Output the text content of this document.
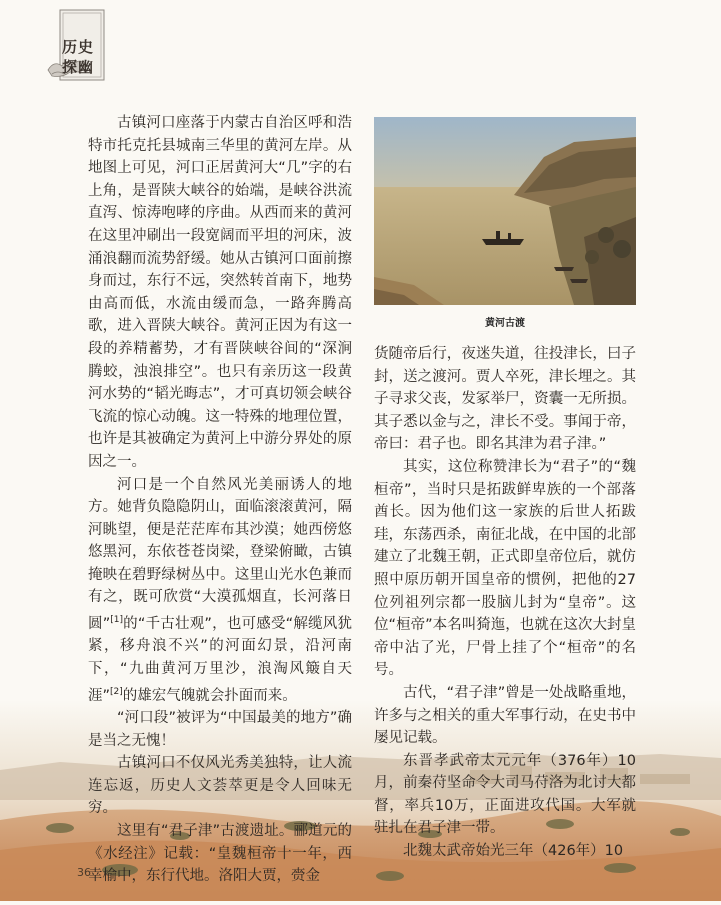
历史
探幽

古镇河口座落于内蒙古自治区呼和浩特市托克托县城南三华里的黄河左岸。从地图上可见，河口正居黄河大“几”字的右上角，是晋陕大峡谷的始端，是峡谷洪流直泻、惊涛咆哮的序曲。从西而来的黄河在这里冲刷出一段宽阔而平坦的河床，波涌浪翻而流势舒缓。她从古镇河口面前擦身而过，东行不远，突然转首南下，地势由高而低，水流由缓而急，一路奔腾高歌，进入晋陕大峡谷。黄河正因为有这一段的养精蓄势，才有晋陕峡谷间的“深涧腾蛟，浊浪排空”。也只有亲历这一段黄河水势的“韬光晦志”，才可真切领会峡谷飞流的惊心动魄。这一特殊的地理位置，也许是其被确定为黄河上中游分界处的原因之一。

河口是一个自然风光美丽诱人的地方。她背负隐隐阴山，面临滚滚黄河，隔河眺望，便是茫茫库布其沙漠；她西傍悠悠黑河，东依苍苍岗梁，登梁俯瞰，古镇掩映在碧野绿树丛中。这里山光水色兼而有之，既可欣赏“大漠孤烟直，长河落日圆”[1]的“千古壮观”，也可感受“解缆风犹紧，移舟浪不兴”的河面幻景，沿河南下，“九曲黄河万里沙，浪淘风簸自天涯”[2]的雄宏气魄就会扑面而来。

“河口段”被评为“中国最美的地方”确是当之无愧！

古镇河口不仅风光秀美独特，让人流连忘返，历史人文荟萃更是令人回味无穷。

这里有“君子津”古渡遗址。郦道元的《水经注》记载：“皇魏桓帝十一年，西幸榆中，东行代地。洛阳大贾，赍金

黄河古渡

货随帝后行，夜迷失道，往投津长，曰子封，送之渡河。贾人卒死，津长埋之。其子寻求父丧，发冢举尸，资囊一无所损。其子悉以金与之，津长不受。事闻于帝，帝曰：君子也。即名其津为君子津。”

其实，这位称赞津长为“君子”的“魏桓帝”，当时只是拓跋鲜卑族的一个部落酋长。因为他们这一家族的后世人拓跋珪，东荡西杀，南征北战，在中国的北部建立了北魏王朝，正式即皇帝位后，就仿照中原历朝开国皇帝的惯例，把他的27位列祖列宗都一股脑儿封为“皇帝”。这位“桓帝”本名叫猗迤，也就在这次大封皇帝中沾了光，尸骨上挂了个“桓帝”的名号。

古代，“君子津”曾是一处战略重地，许多与之相关的重大军事行动，在史书中屡见记载。

东晋孝武帝太元元年（376年）10月，前秦苻坚命令大司马苻洛为北讨大都督，率兵10万，正面进攻代国。大军就驻扎在君子津一带。

北魏太武帝始光三年（426年）10

36
